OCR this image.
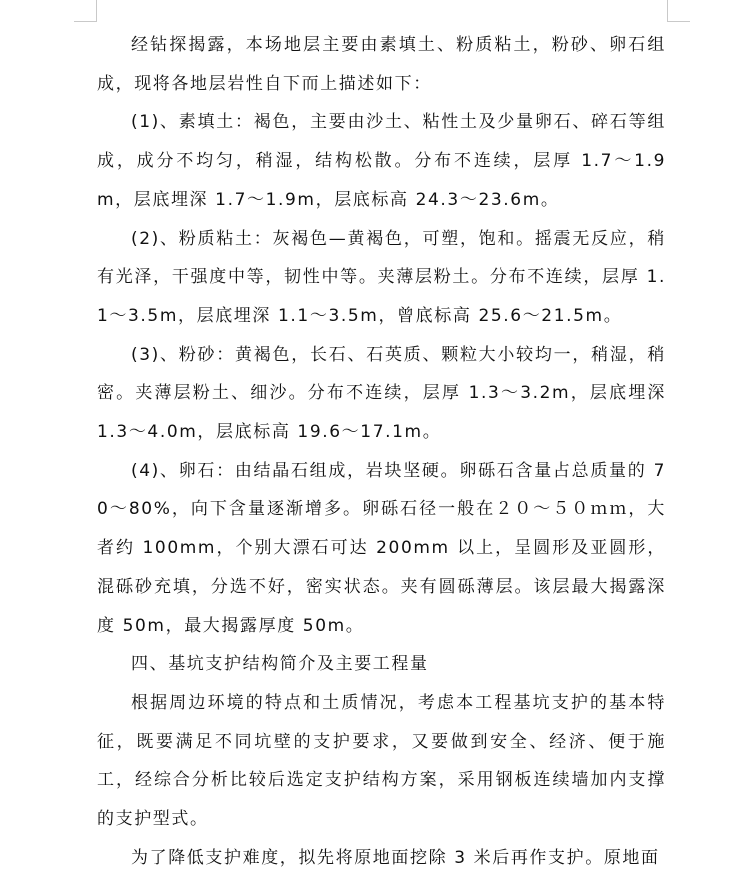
经钻探揭露，本场地层主要由素填土、粉质粘土，粉砂、卵石组成，现将各地层岩性自下而上描述如下：

(1)、素填土：褐色，主要由沙土、粘性土及少量卵石、碎石等组成，成分不均匀，稍湿，结构松散。分布不连续，层厚 1.7～1.9m，层底埋深 1.7～1.9m，层底标高 24.3～23.6m。

(2)、粉质粘土：灰褐色—黄褐色，可塑，饱和。摇震无反应，稍有光泽，干强度中等，韧性中等。夹薄层粉土。分布不连续，层厚 1.1～3.5m，层底埋深 1.1～3.5m，曾底标高 25.6～21.5m。

(3)、粉砂：黄褐色，长石、石英质、颗粒大小较均一，稍湿，稍密。夹薄层粉土、细沙。分布不连续，层厚 1.3～3.2m，层底埋深 1.3～4.0m，层底标高 19.6～17.1m。

(4)、卵石：由结晶石组成，岩块坚硬。卵砾石含量占总质量的 70～80%，向下含量逐渐增多。卵砾石径一般在２０～５０ｍｍ，大者约 100mm，个别大漂石可达 200mm 以上，呈圆形及亚圆形，混砾砂充填，分选不好，密实状态。夹有圆砾薄层。该层最大揭露深度 50m，最大揭露厚度 50m。

四、基坑支护结构简介及主要工程量

根据周边环境的特点和土质情况，考虑本工程基坑支护的基本特征，既要满足不同坑壁的支护要求，又要做到安全、经济、便于施工，经综合分析比较后选定支护结构方案，采用钢板连续墙加内支撑的支护型式。

为了降低支护难度，拟先将原地面挖除 3 米后再作支护。原地面
